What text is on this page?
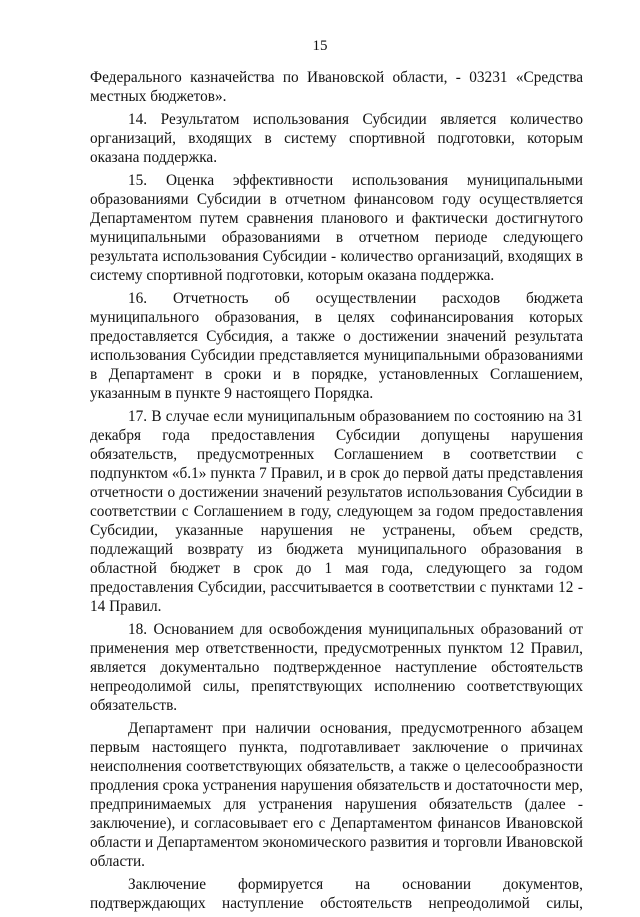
15

Федерального казначейства по Ивановской области, - 03231 «Средства местных бюджетов».

14. Результатом использования Субсидии является количество организаций, входящих в систему спортивной подготовки, которым оказана поддержка.

15. Оценка эффективности использования муниципальными образованиями Субсидии в отчетном финансовом году осуществляется Департаментом путем сравнения планового и фактически достигнутого муниципальными образованиями в отчетном периоде следующего результата использования Субсидии - количество организаций, входящих в систему спортивной подготовки, которым оказана поддержка.

16. Отчетность об осуществлении расходов бюджета муниципального образования, в целях софинансирования которых предоставляется Субсидия, а также о достижении значений результата использования Субсидии представляется муниципальными образованиями в Департамент в сроки и в порядке, установленных Соглашением, указанным в пункте 9 настоящего Порядка.

17. В случае если муниципальным образованием по состоянию на 31 декабря года предоставления Субсидии допущены нарушения обязательств, предусмотренных Соглашением в соответствии с подпунктом «б.1» пункта 7 Правил, и в срок до первой даты представления отчетности о достижении значений результатов использования Субсидии в соответствии с Соглашением в году, следующем за годом предоставления Субсидии, указанные нарушения не устранены, объем средств, подлежащий возврату из бюджета муниципального образования в областной бюджет в срок до 1 мая года, следующего за годом предоставления Субсидии, рассчитывается в соответствии с пунктами 12 - 14 Правил.

18. Основанием для освобождения муниципальных образований от применения мер ответственности, предусмотренных пунктом 12 Правил, является документально подтвержденное наступление обстоятельств непреодолимой силы, препятствующих исполнению соответствующих обязательств.

Департамент при наличии основания, предусмотренного абзацем первым настоящего пункта, подготавливает заключение о причинах неисполнения соответствующих обязательств, а также о целесообразности продления срока устранения нарушения обязательств и достаточности мер, предпринимаемых для устранения нарушения обязательств (далее - заключение), и согласовывает его с Департаментом финансов Ивановской области и Департаментом экономического развития и торговли Ивановской области.

Заключение формируется на основании документов, подтверждающих наступление обстоятельств непреодолимой силы,
